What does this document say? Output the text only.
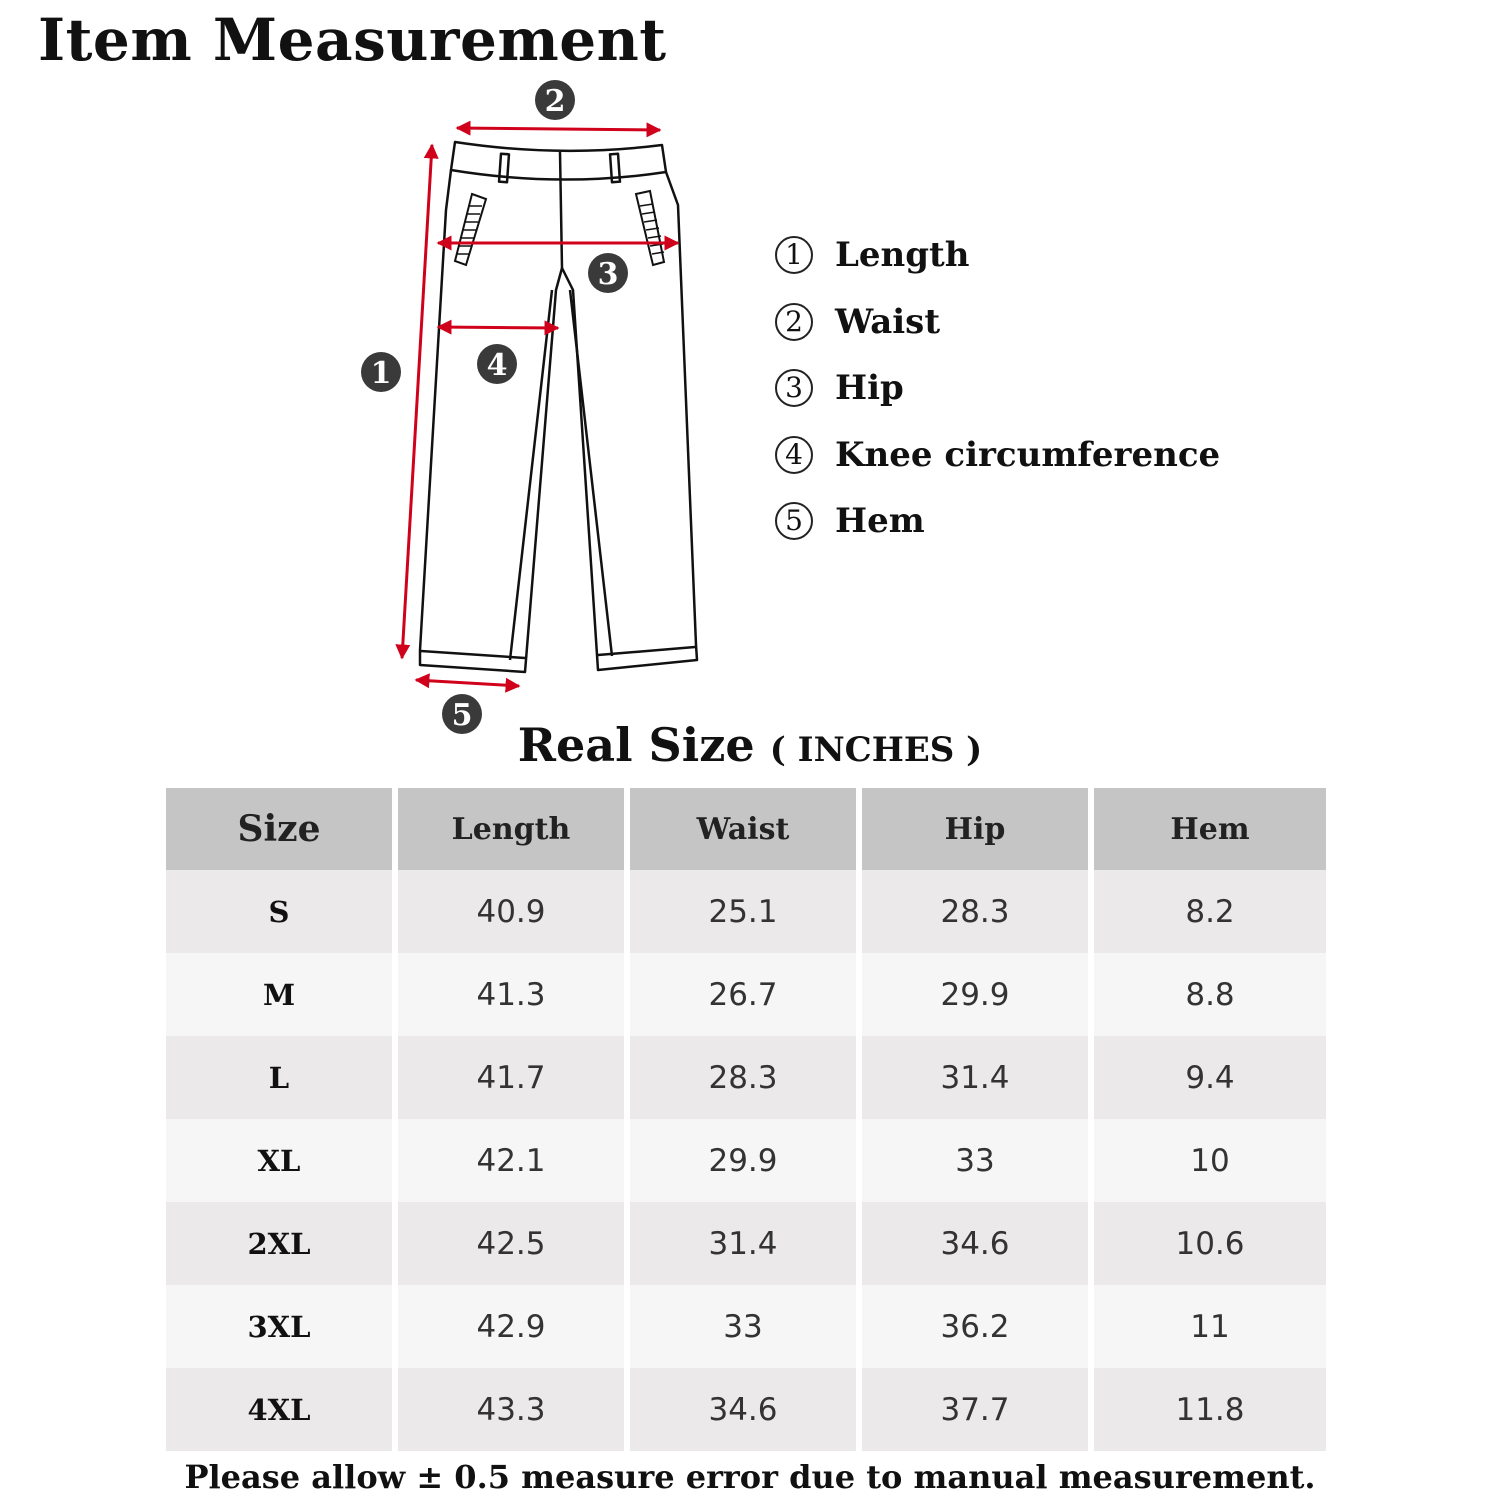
Item Measurement
1
2
3
4
5
1 Length
2 Waist
3 Hip
4 Knee circumference
5 Hem
Real Size ( INCHES )
Size	Length	Waist	Hip	Hem
S	40.9	25.1	28.3	8.2
M	41.3	26.7	29.9	8.8
L	41.7	28.3	31.4	9.4
XL	42.1	29.9	33	10
2XL	42.5	31.4	34.6	10.6
3XL	42.9	33	36.2	11
4XL	43.3	34.6	37.7	11.8
Please allow ± 0.5 measure error due to manual measurement.
